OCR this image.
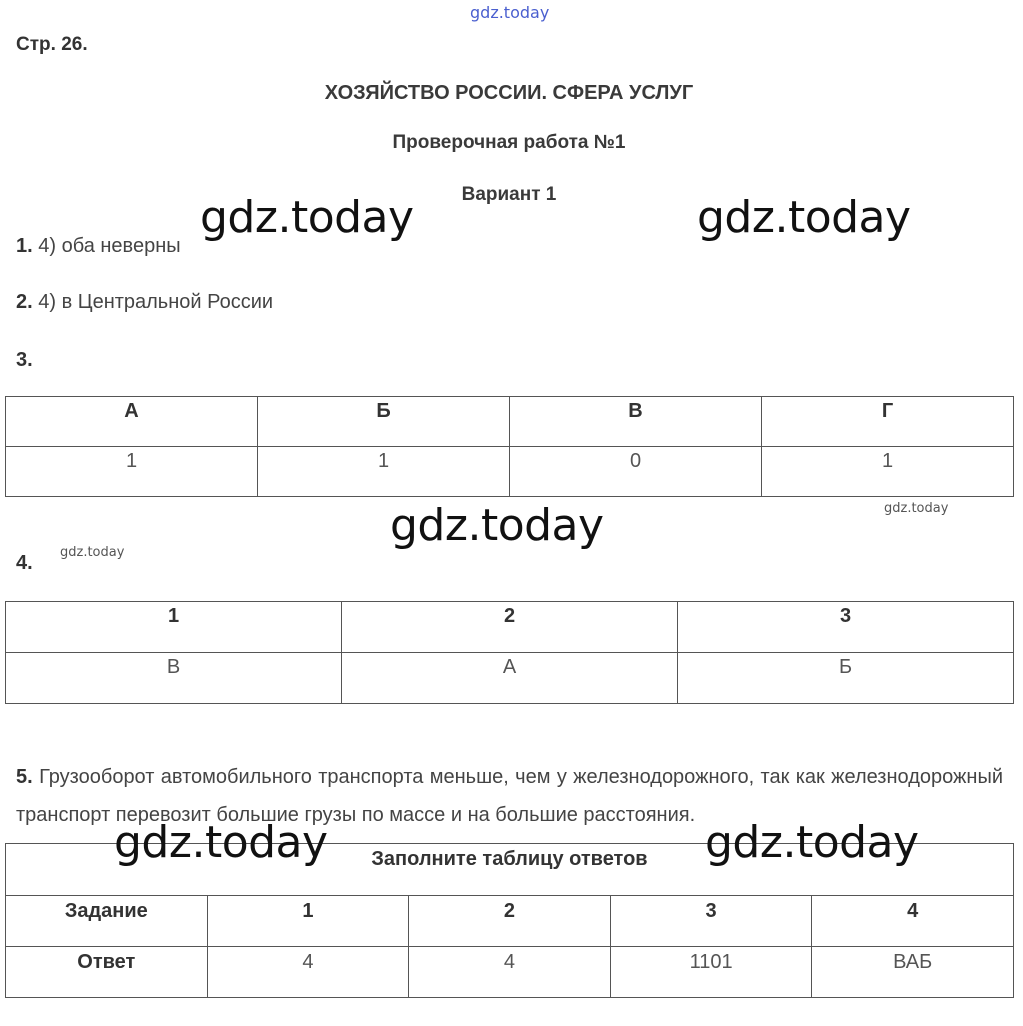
gdz.today
Стр. 26.
ХОЗЯЙСТВО РОССИИ. СФЕРА УСЛУГ
Проверочная работа №1
Вариант 1
gdz.today	gdz.today
1. 4) оба неверны
2. 4) в Центральной России
3.
А	Б	В	Г
1	1	0	1
gdz.today
gdz.today
gdz.today
4.
1	2	3
В	А	Б
5. Грузооборот автомобильного транспорта меньше, чем у железнодорожного, так как железнодорожный транспорт перевозит большие грузы по массе и на большие расстояния.
Заполните таблицу ответов				
Задание	1	2	3	4
Ответ	4	4	1101	ВАБ
gdz.today	gdz.today
